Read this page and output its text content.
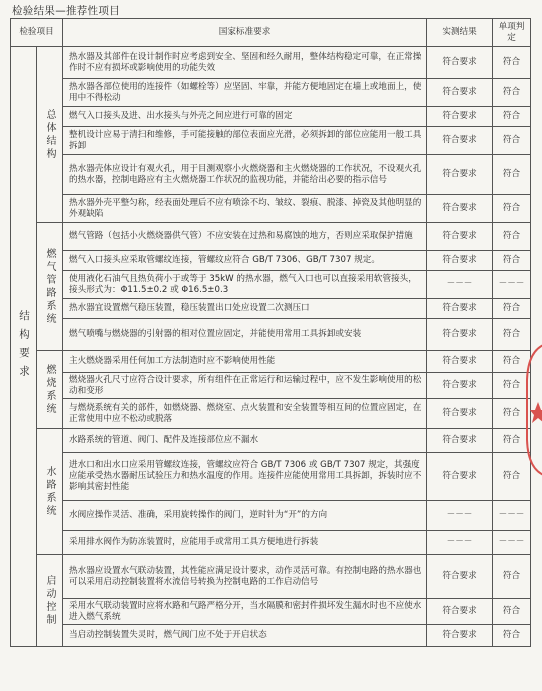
检验结果—推荐性项目
检验项目		国家标准要求	实测结果	单项判定
结构要求	总体结构	热水器及其部件在设计制作时应考虑到安全、坚固和经久耐用，整体结构稳定可靠，在正常操作时不应有损坏或影响使用的功能失效	符合要求	符合
		热水器各部位使用的连接件（如螺栓等）应坚固、牢靠，并能方便地固定在墙上或地面上，使用中不得松动	符合要求	符合
		燃气入口接头及进、出水接头与外壳之间应进行可靠的固定	符合要求	符合
		整机设计应易于清扫和维修，手可能接触的部位表面应光滑，必须拆卸的部位应能用一般工具拆卸	符合要求	符合
		热水器壳体应设计有观火孔，用于目测观察小火燃烧器和主火燃烧器的工作状况，不设观火孔的热水器，控制电路应有主火燃烧器工作状况的监视功能，并能给出必要的指示信号	符合要求	符合
		热水器外壳平整匀称，经表面处理后不应有喷涂不均、皱纹、裂痕、脱漆、掉瓷及其他明显的外观缺陷	符合要求	符合
	燃气管路系统	燃气管路（包括小火燃烧器供气管）不应安装在过热和易腐蚀的地方，否则应采取保护措施	符合要求	符合
		燃气入口接头应采取管螺纹连接，管螺纹应符合 GB/T 7306、GB/T 7307 规定。	符合要求	符合
		使用液化石油气且热负荷小于或等于 35kW 的热水器，燃气入口也可以直接采用软管接头，接头形式为：Φ11.5±0.2 或 Φ16.5±0.3	－－－	－－－
		热水器宜设置燃气稳压装置，稳压装置出口处应设置二次测压口	符合要求	符合
		燃气喷嘴与燃烧器的引射器的相对位置应固定，并能使用常用工具拆卸或安装	符合要求	符合
	燃烧系统	主火燃烧器采用任何加工方法制造时应不影响使用性能	符合要求	符合
		燃烧器火孔尺寸应符合设计要求，所有组件在正常运行和运输过程中，应不发生影响使用的松动和变形	符合要求	符合
		与燃烧系统有关的部件，如燃烧器、燃烧室、点火装置和安全装置等相互间的位置应固定，在正常使用中应不松动或脱落	符合要求	符合
	水路系统	水路系统的管道、阀门、配件及连接部位应不漏水	符合要求	符合
		进水口和出水口应采用管螺纹连接，管螺纹应符合 GB/T 7306 或 GB/T 7307 规定，其强度应能承受热水器耐压试验压力和热水温度的作用。连接件应能使用常用工具拆卸，拆装时应不影响其密封性能	符合要求	符合
		水阀应操作灵活、准确，采用旋转操作的阀门，逆时针为“开”的方向	－－－	－－－
		采用排水阀作为防冻装置时，应能用手或常用工具方便地进行拆装	－－－	－－－
	启动控制	热水器应设置水气联动装置，其性能应满足设计要求，动作灵活可靠。有控制电路的热水器也可以采用启动控制装置将水流信号转换为控制电路的工作启动信号	符合要求	符合
		采用水气联动装置时应将水路和气路严格分开，当水隔膜和密封件损坏发生漏水时也不应使水进入燃气系统	符合要求	符合
		当启动控制装置失灵时，燃气阀门应不处于开启状态	符合要求	符合
